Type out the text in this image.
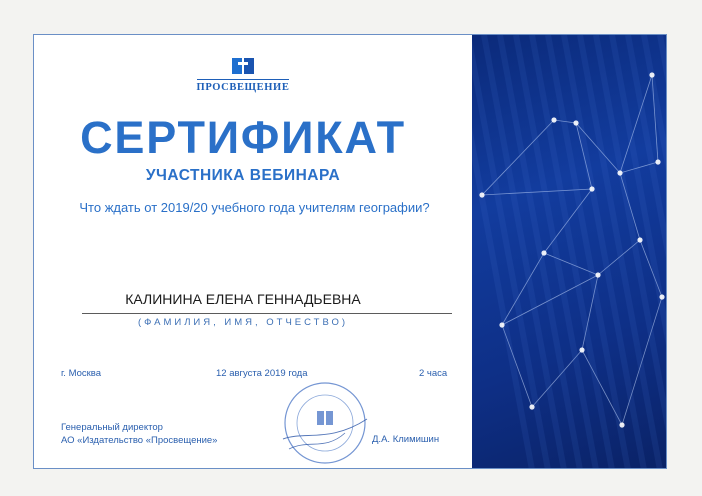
ПРОСВЕЩЕНИЕ
СЕРТИФИКАТ
УЧАСТНИКА ВЕБИНАРА
Что ждать от 2019/20 учебного года учителям географии?
КАЛИНИНА ЕЛЕНА ГЕННАДЬЕВНА
(ФАМИЛИЯ, ИМЯ, ОТЧЕСТВО)
г. Москва	12 августа 2019 года	2 часа
Генеральный директор
АО «Издательство «Просвещение»	Д.А. Климишин
